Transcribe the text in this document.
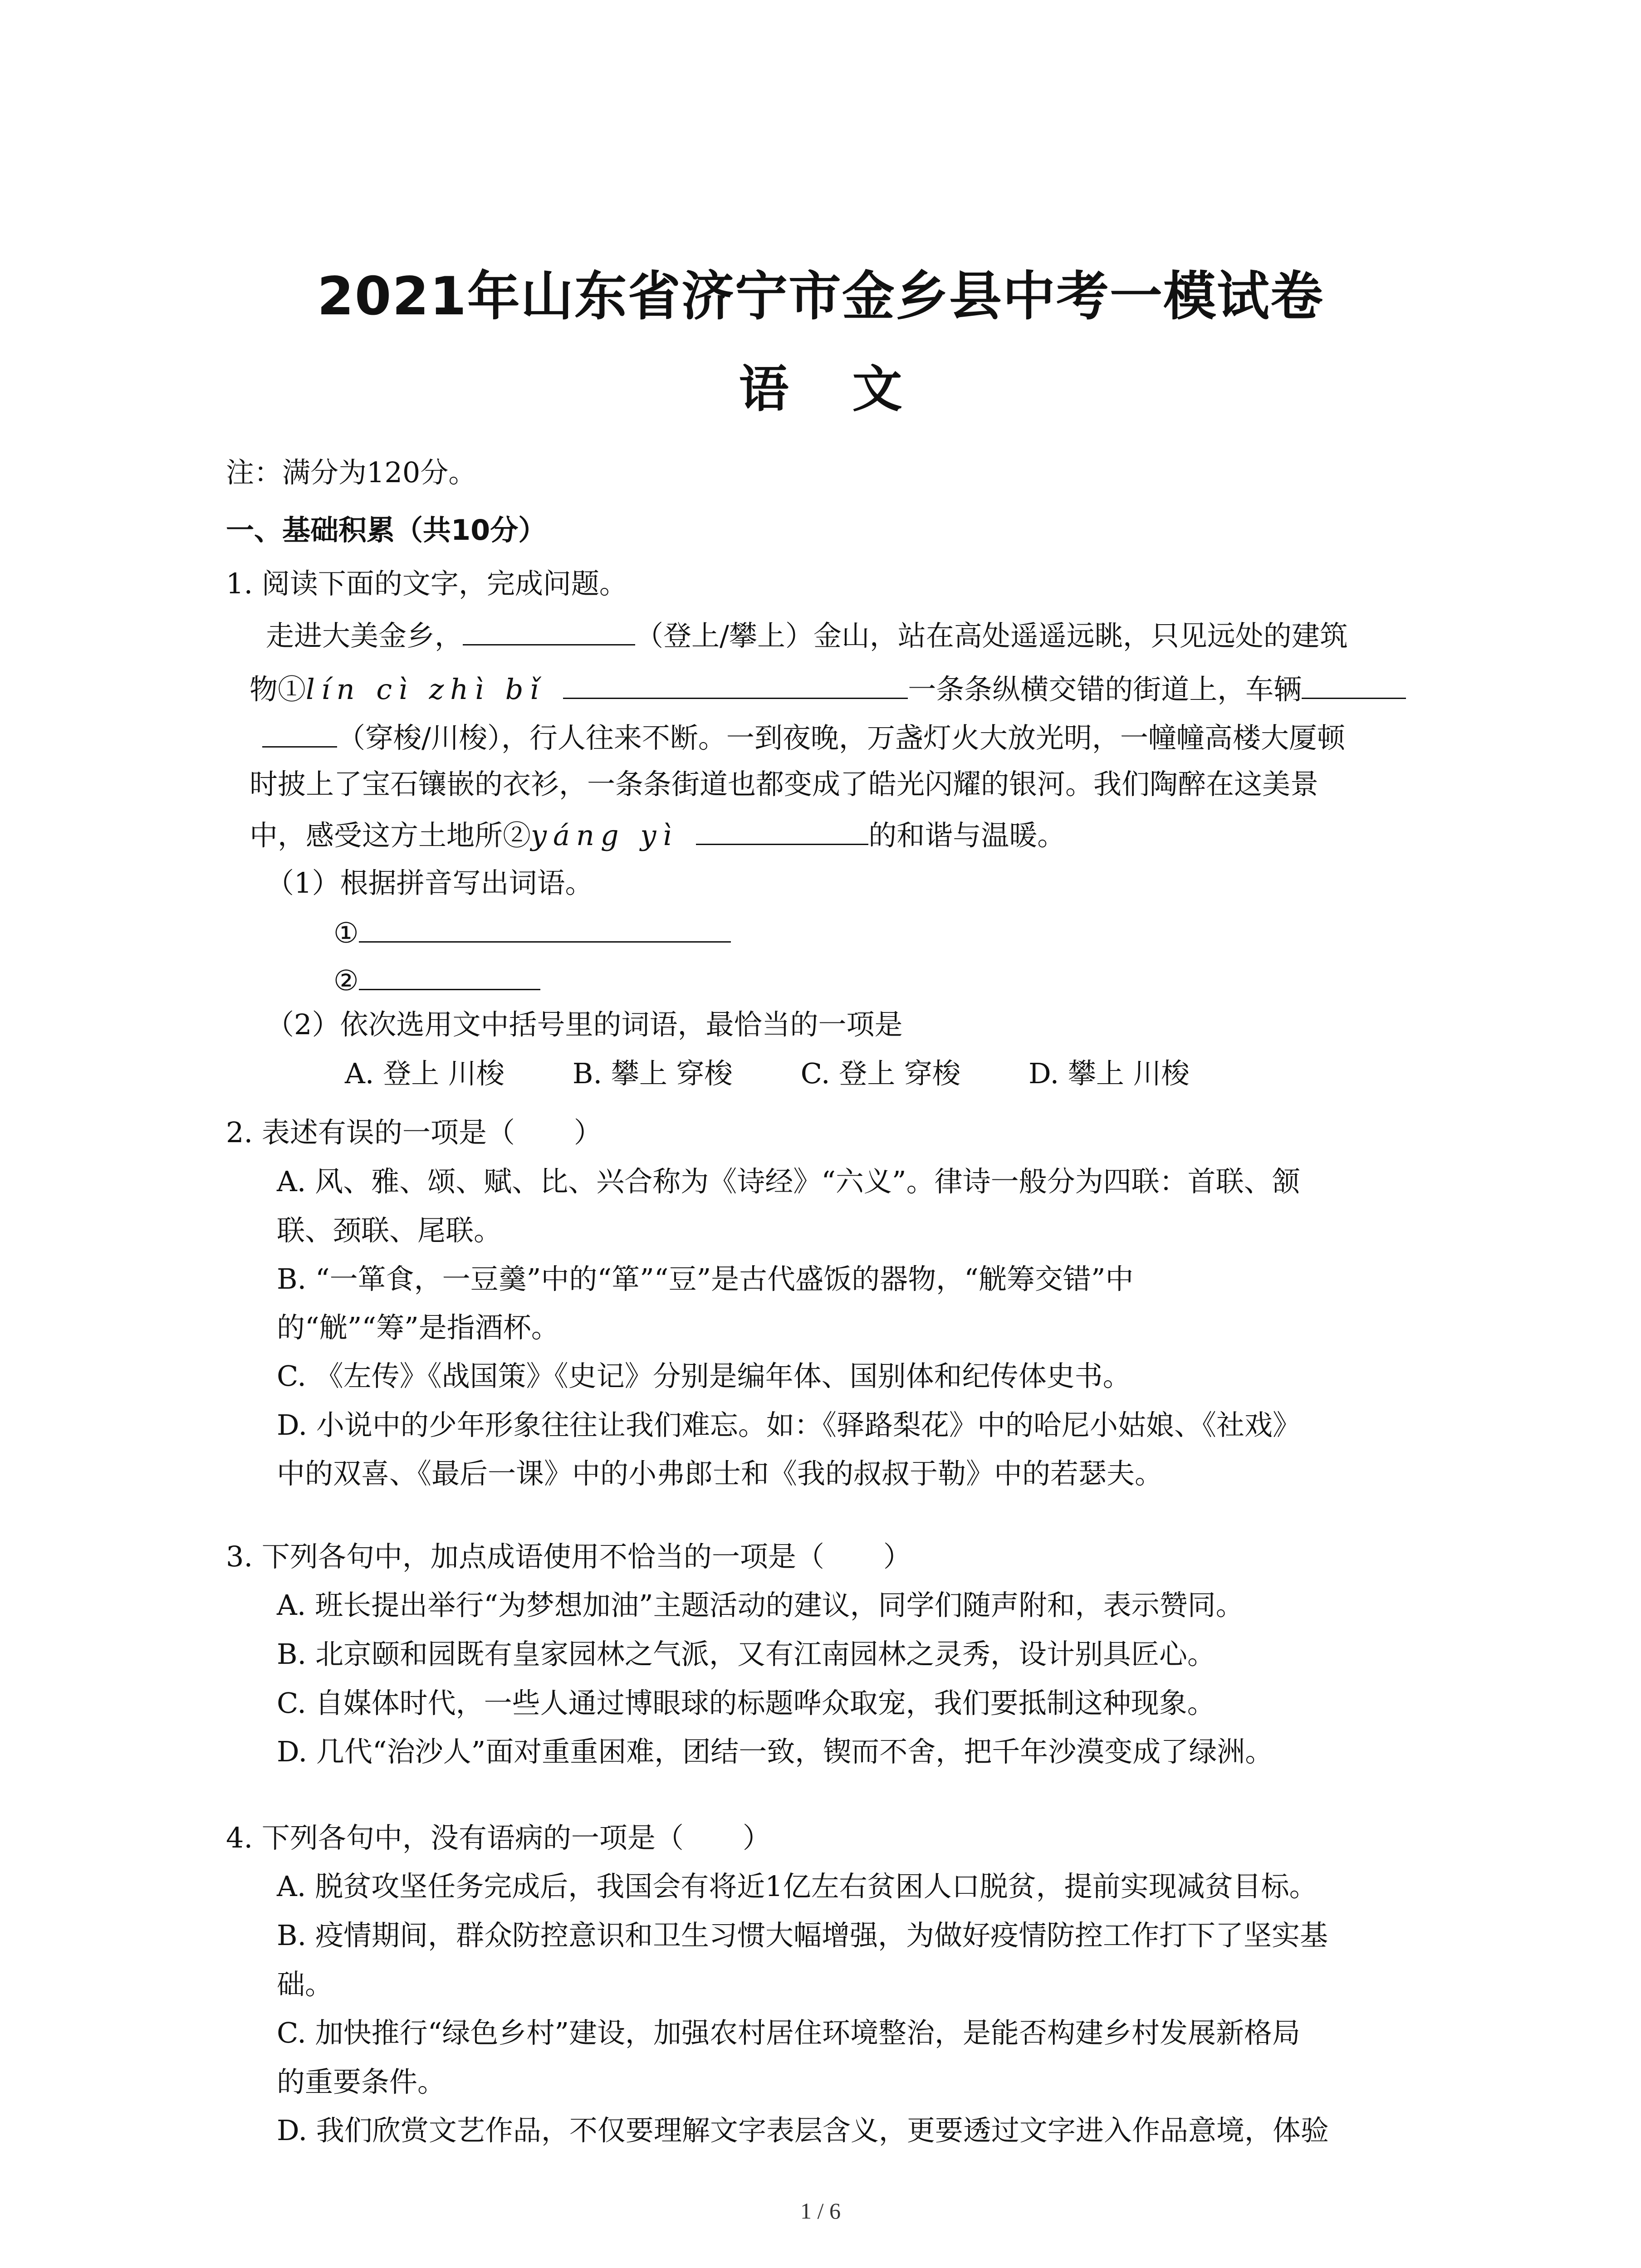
2021年山东省济宁市金乡县中考一模试卷
语文
注：满分为120分。
一、基础积累（共10分）
1. 阅读下面的文字，完成问题。
走进大美金乡，	（登上/攀上）金山，站在高处遥遥远眺，只见远处的建筑
物①lín cì zhì bǐ	一条条纵横交错的街道上，车辆
（穿梭/川梭），行人往来不断。一到夜晚，万盏灯火大放光明，一幢幢高楼大厦顿
时披上了宝石镶嵌的衣衫，一条条街道也都变成了皓光闪耀的银河。我们陶醉在这美景
中，感受这方土地所②yáng yì	的和谐与温暖。
（1）根据拼音写出词语。
①
②
（2）依次选用文中括号里的词语，最恰当的一项是
A. 登上 川梭 B. 攀上 穿梭 C. 登上 穿梭 D. 攀上 川梭
2. 表述有误的一项是（ ）
A. 风、雅、颂、赋、比、兴合称为《诗经》“六义”。律诗一般分为四联：首联、颔
联、颈联、尾联。
B. “一箪食，一豆羹”中的“箪”“豆”是古代盛饭的器物，“觥筹交错”中
的“觥”“筹”是指酒杯。
C. 《左传》《战国策》《史记》分别是编年体、国别体和纪传体史书。
D. 小说中的少年形象往往让我们难忘。如：《驿路梨花》中的哈尼小姑娘、《社戏》
中的双喜、《最后一课》中的小弗郎士和《我的叔叔于勒》中的若瑟夫。
3. 下列各句中，加点成语使用不恰当的一项是（ ）
A. 班长提出举行“为梦想加油”主题活动的建议，同学们随声附和，表示赞同。
B. 北京颐和园既有皇家园林之气派，又有江南园林之灵秀，设计别具匠心。
C. 自媒体时代，一些人通过博眼球的标题哗众取宠，我们要抵制这种现象。
D. 几代“治沙人”面对重重困难，团结一致，锲而不舍，把千年沙漠变成了绿洲。
4. 下列各句中，没有语病的一项是（ ）
A. 脱贫攻坚任务完成后，我国会有将近1亿左右贫困人口脱贫，提前实现减贫目标。
B. 疫情期间，群众防控意识和卫生习惯大幅增强，为做好疫情防控工作打下了坚实基
础。
C. 加快推行“绿色乡村”建设，加强农村居住环境整治，是能否构建乡村发展新格局
的重要条件。
D. 我们欣赏文艺作品，不仅要理解文字表层含义，更要透过文字进入作品意境，体验
1 / 6
